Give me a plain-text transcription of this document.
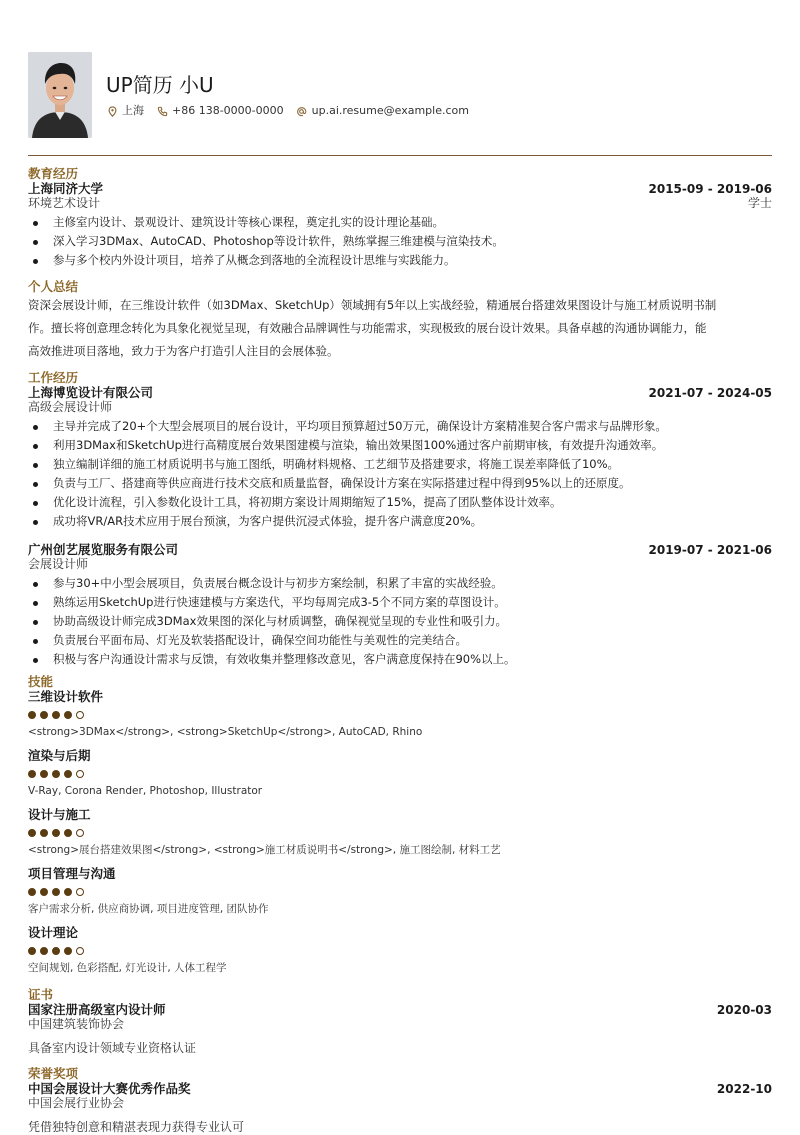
UP简历 小U
上海	+86 138-0000-0000	up.ai.resume@example.com
教育经历
上海同济大学	2015-09 - 2019-06
环境艺术设计	学士
主修室内设计、景观设计、建筑设计等核心课程，奠定扎实的设计理论基础。
深入学习3DMax、AutoCAD、Photoshop等设计软件，熟练掌握三维建模与渲染技术。
参与多个校内外设计项目，培养了从概念到落地的全流程设计思维与实践能力。
个人总结
资深会展设计师，在三维设计软件（如3DMax、SketchUp）领域拥有5年以上实战经验，精通展台搭建效果图设计与施工材质说明书制
作。擅长将创意理念转化为具象化视觉呈现，有效融合品牌调性与功能需求，实现极致的展台设计效果。具备卓越的沟通协调能力，能
高效推进项目落地，致力于为客户打造引人注目的会展体验。
工作经历
上海博览设计有限公司	2021-07 - 2024-05
高级会展设计师
主导并完成了20+个大型会展项目的展台设计，平均项目预算超过50万元，确保设计方案精准契合客户需求与品牌形象。
利用3DMax和SketchUp进行高精度展台效果图建模与渲染，输出效果图100%通过客户前期审核，有效提升沟通效率。
独立编制详细的施工材质说明书与施工图纸，明确材料规格、工艺细节及搭建要求，将施工误差率降低了10%。
负责与工厂、搭建商等供应商进行技术交底和质量监督，确保设计方案在实际搭建过程中得到95%以上的还原度。
优化设计流程，引入参数化设计工具，将初期方案设计周期缩短了15%，提高了团队整体设计效率。
成功将VR/AR技术应用于展台预演，为客户提供沉浸式体验，提升客户满意度20%。
广州创艺展览服务有限公司	2019-07 - 2021-06
会展设计师
参与30+中小型会展项目，负责展台概念设计与初步方案绘制，积累了丰富的实战经验。
熟练运用SketchUp进行快速建模与方案迭代，平均每周完成3-5个不同方案的草图设计。
协助高级设计师完成3DMax效果图的深化与材质调整，确保视觉呈现的专业性和吸引力。
负责展台平面布局、灯光及软装搭配设计，确保空间功能性与美观性的完美结合。
积极与客户沟通设计需求与反馈，有效收集并整理修改意见，客户满意度保持在90%以上。
技能
三维设计软件
<strong>3DMax</strong>, <strong>SketchUp</strong>, AutoCAD, Rhino
渲染与后期
V-Ray, Corona Render, Photoshop, Illustrator
设计与施工
<strong>展台搭建效果图</strong>, <strong>施工材质说明书</strong>, 施工图绘制, 材料工艺
项目管理与沟通
客户需求分析, 供应商协调, 项目进度管理, 团队协作
设计理论
空间规划, 色彩搭配, 灯光设计, 人体工程学
证书
国家注册高级室内设计师	2020-03
中国建筑装饰协会
具备室内设计领域专业资格认证
荣誉奖项
中国会展设计大赛优秀作品奖	2022-10
中国会展行业协会
凭借独特创意和精湛表现力获得专业认可
